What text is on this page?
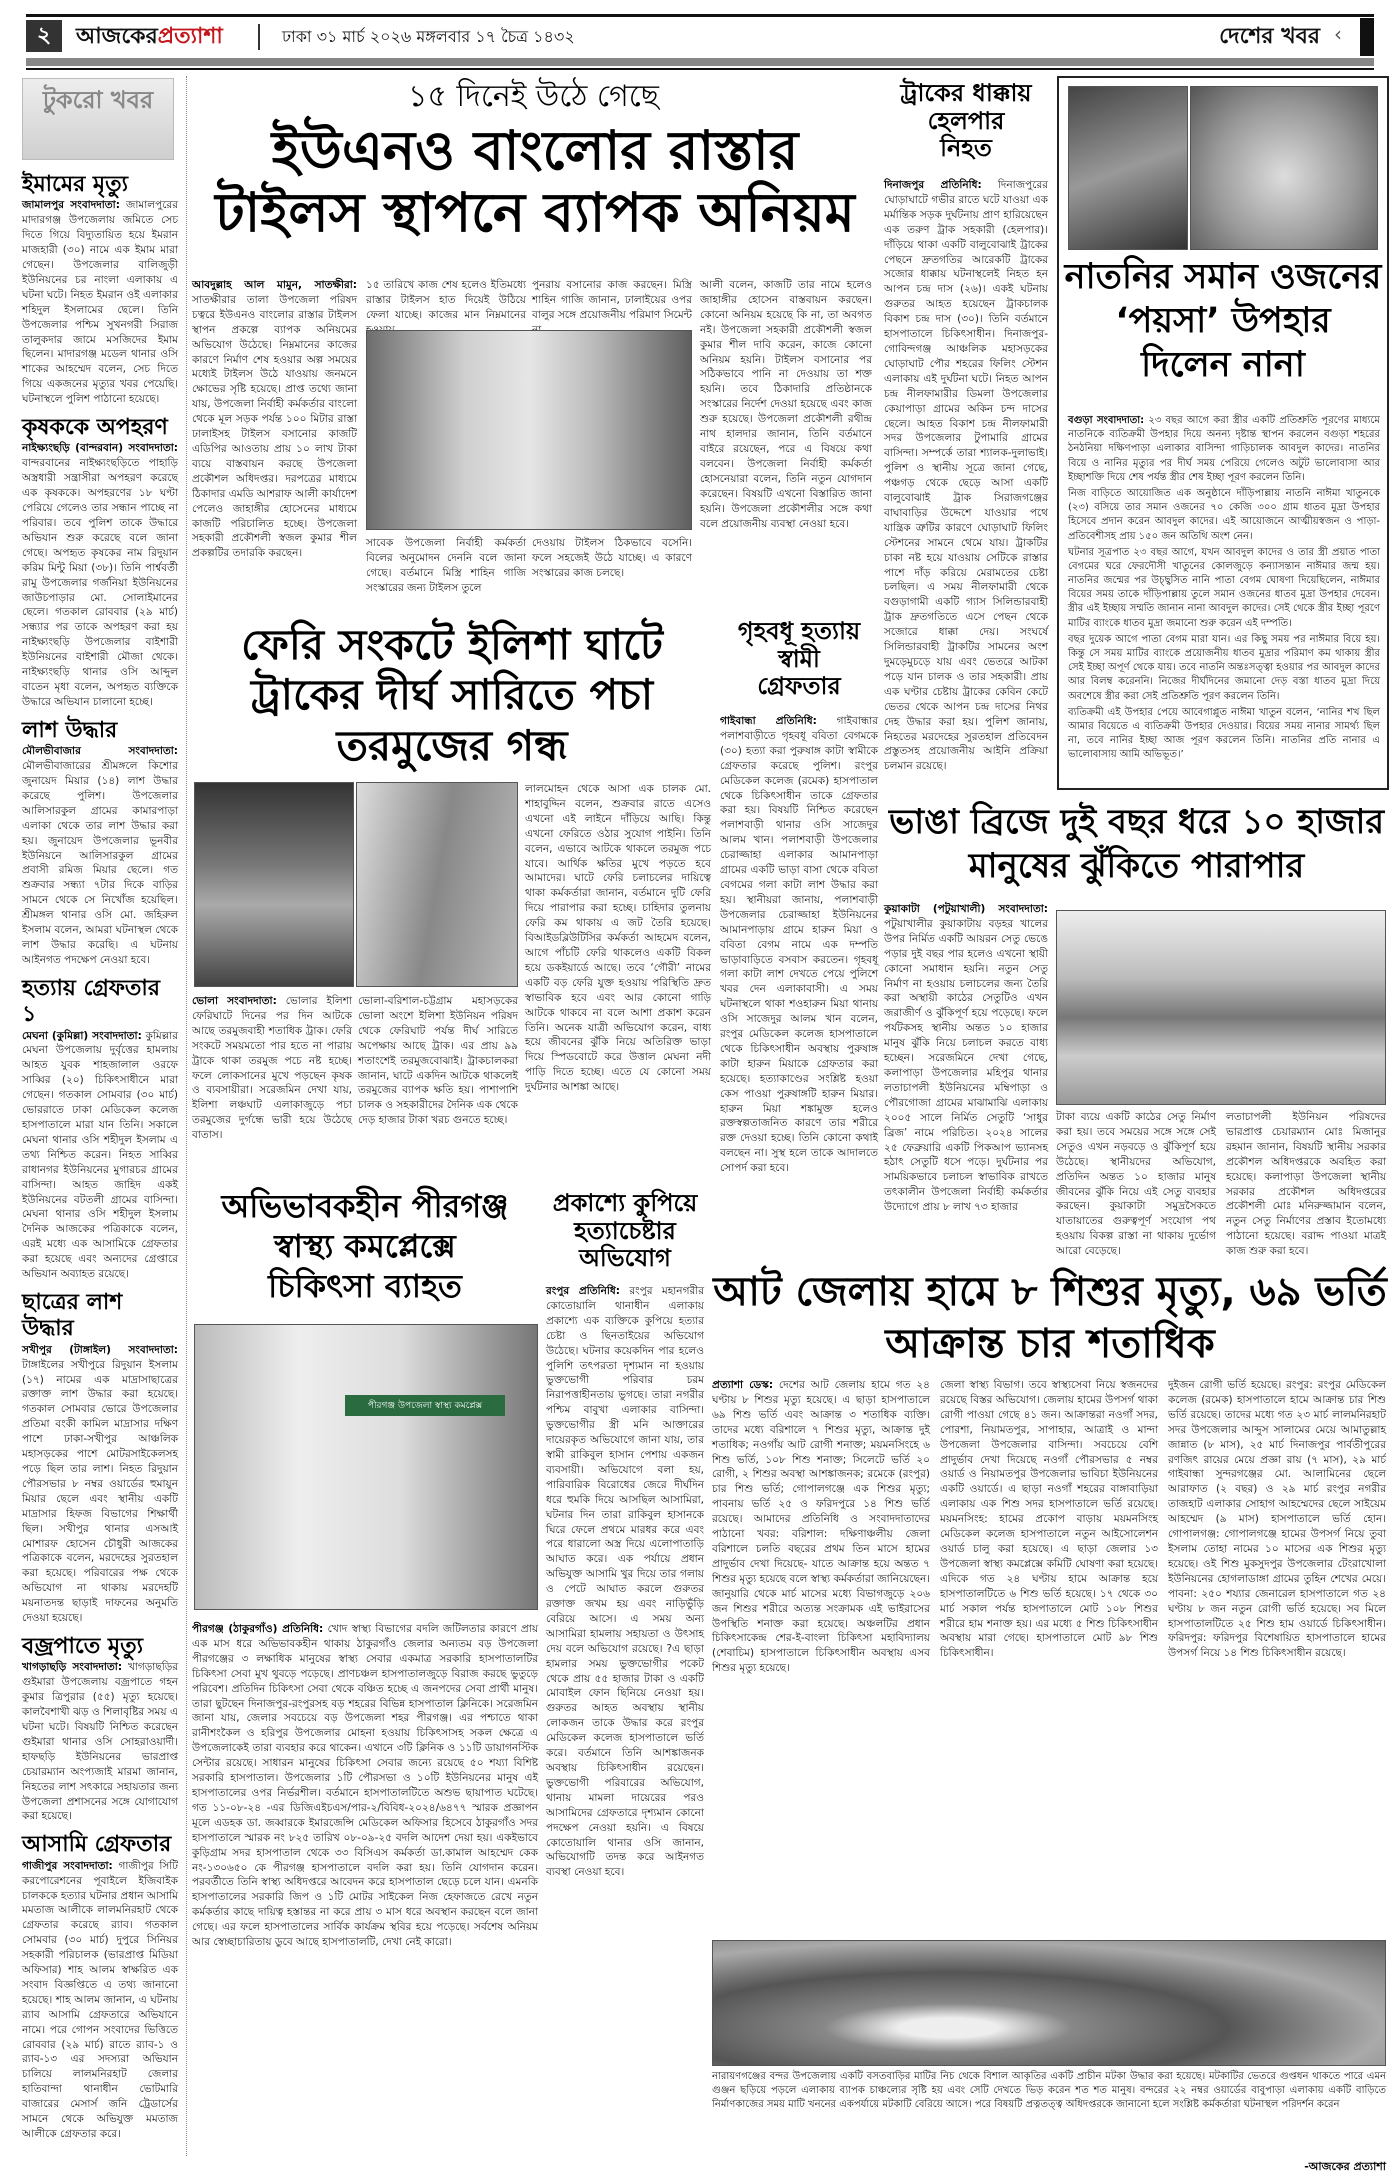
২	আজকেরপ্রত্যাশা	ঢাকা ৩১ মার্চ ২০২৬ মঙ্গলবার ১৭ চৈত্র ১৪৩২	দেশের খবর ‹
টুকরো খবর
ইমামের মৃত্যু
জামালপুর সংবাদদাতা: জামালপুরের মাদারগঞ্জ উপজেলায় জমিতে সেচ দিতে গিয়ে বিদ্যুতায়িত হয়ে ইমরান মাজহারী (৩০) নামে এক ইমাম মারা গেছেন। উপজেলার বালিজুড়ী ইউনিয়নের চর নাংলা এলাকায় এ ঘটনা ঘটে। নিহত ইমরান ওই এলাকার শহিদুল ইসলামের ছেলে। তিনি উপজেলার পশ্চিম সুখনগরী সিরাজ তালুকদার জামে মসজিদের ইমাম ছিলেন। মাদারগঞ্জ মডেল থানার ওসি শাকের আহম্মেদ বলেন, সেচ দিতে গিয়ে একজনের মৃত্যুর খবর পেয়েছি। ঘটনাস্থলে পুলিশ পাঠানো হয়েছে।
কৃষককে অপহরণ
নাইক্ষ্যংছড়ি (বান্দরবান) সংবাদদাতা: বান্দরবানের নাইক্ষ্যংছড়িতে পাহাড়ি অস্ত্রধারী সন্ত্রাসীরা অপহরণ করেছে এক কৃষককে। অপহরণের ১৮ ঘণ্টা পেরিয়ে গেলেও তার সন্ধান পাচ্ছে না পরিবার। তবে পুলিশ তাকে উদ্ধারে অভিযান শুরু করেছে বলে জানা গেছে। অপহৃত কৃষকের নাম রিদুয়ান করিম মিন্টু মিয়া (৩৮)। তিনি পার্শ্ববর্তী রামু উপজেলার গর্জনিয়া ইউনিয়নের জাউচপাড়ার মো. সোলাইমানের ছেলে। গতকাল রোববার (২৯ মার্চ) সন্ধ্যার পর তাকে অপহরণ করা হয় নাইক্ষ্যংছড়ি উপজেলার বাইশারী ইউনিয়নের বাইশারী মৌজা থেকে। নাইক্ষ্যংছড়ি থানার ওসি আব্দুল বাতেন মৃধা বলেন, অপহৃত ব্যক্তিকে উদ্ধারে অভিযান চালানো হচ্ছে।
লাশ উদ্ধার
মৌলভীবাজার সংবাদদাতা: মৌলভীবাজারের শ্রীমঙ্গলে কিশোর জুনায়েদ মিয়ার (১৪) লাশ উদ্ধার করেছে পুলিশ। উপজেলার আলিসারকুল গ্রামের কামারপাড়া এলাকা থেকে তার লাশ উদ্ধার করা হয়। জুনায়েদ উপজেলার ভূনবীর ইউনিয়নে আলিসারকুল গ্রামের প্রবাসী রমিজ মিয়ার ছেলে। গত শুক্রবার সন্ধ্যা ৭টার দিকে বাড়ির সামনে থেকে সে নিখোঁজ হয়েছিল। শ্রীমঙ্গল থানার ওসি মো. জহিরুল ইসলাম বলেন, আমরা ঘটনাস্থল থেকে লাশ উদ্ধার করেছি। এ ঘটনায় আইনগত পদক্ষেপ নেওয়া হবে।
হত্যায় গ্রেফতার ১
মেঘনা (কুমিল্লা) সংবাদদাতা: কুমিল্লার মেঘনা উপজেলায় দুর্বৃত্তের হামলায় আহত যুবক শাহজালাল ওরফে সাব্বির (২০) চিকিৎসাধীনে মারা গেছেন। গতকাল সোমবার (৩০ মার্চ) ভোররাতে ঢাকা মেডিকেল কলেজ হাসপাতালে মারা যান তিনি। সকালে মেঘনা থানার ওসি শহীদুল ইসলাম এ তথ্য নিশ্চিত করেন। নিহত সাব্বির রাধানগর ইউনিয়নের মুগারচর গ্রামের বাসিন্দা। আহত জাহিদ একই ইউনিয়নের বটতলী গ্রামের বাসিন্দা। মেঘনা থানার ওসি শহীদুল ইসলাম দৈনিক আজকের পত্রিকাকে বলেন, এরই মধ্যে এক আসামিকে গ্রেফতার করা হয়েছে এবং অন্যদের গ্রেপ্তারে অভিযান অব্যাহত রয়েছে।
ছাত্রের লাশ উদ্ধার
সখীপুর (টাঙ্গাইল) সংবাদদাতা: টাঙ্গাইলের সখীপুরে রিদুয়ান ইসলাম (১৭) নামের এক মাদ্রাসাছাত্রের রক্তাক্ত লাশ উদ্ধার করা হয়েছে। গতকাল সোমবার ভোরে উপজেলার প্রতিমা বংকী কামিল মাদ্রাসার দক্ষিণ পাশে ঢাকা-সখীপুর আঞ্চলিক মহাসড়কের পাশে মোটরসাইকেলসহ পড়ে ছিল তার লাশ। নিহত রিদুয়ান পৌরসভার ৮ নম্বর ওয়ার্ডের হুমায়ুন মিয়ার ছেলে এবং স্থানীয় একটি মাদ্রাসার হিফজ বিভাগের শিক্ষার্থী ছিল। সখীপুর থানার এসআই মোশারফ হোসেন চৌধুরী আজকের পত্রিকাকে বলেন, মরদেহের সুরতহাল করা হয়েছে। পরিবারের পক্ষ থেকে অভিযোগ না থাকায় মরদেহটি ময়নাতদন্ত ছাড়াই দাফনের অনুমতি দেওয়া হয়েছে।
বজ্রপাতে মৃত্যু
খাগড়াছড়ি সংবাদদাতা: খাগড়াছড়ির গুইমারা উপজেলায় বজ্রপাতে গহন কুমার ত্রিপুরার (৫৫) মৃত্যু হয়েছে। কালবৈশাখী ঝড় ও শিলাবৃষ্টির সময় এ ঘটনা ঘটে। বিষয়টি নিশ্চিত করেছেন গুইমারা থানার ওসি সোহরাওয়ার্দী। হাফছড়ি ইউনিয়নের ভারপ্রাপ্ত চেয়ারম্যান অংপ্যজাই মারমা জানান, নিহতের লাশ সৎকারে সহায়তার জন্য উপজেলা প্রশাসনের সঙ্গে যোগাযোগ করা হয়েছে।
আসামি গ্রেফতার
গাজীপুর সংবাদদাতা: গাজীপুর সিটি করপোরেশনের পূবাইলে ইজিবাইক চালককে হত্যার ঘটনার প্রধান আসামি মমতাজ আলীকে লালমনিরহাট থেকে গ্রেফতার করেছে র‍্যাব। গতকাল সোমবার (৩০ মার্চ) দুপুরে সিনিয়র সহকারী পরিচালক (ভারপ্রাপ্ত মিডিয়া অফিসার) শাহ আলম স্বাক্ষরিত এক সংবাদ বিজ্ঞপ্তিতে এ তথ্য জানানো হয়েছে। শাহ আলম জানান, এ ঘটনায় র‍্যাব আসামি গ্রেফতারে অভিযানে নামে। পরে গোপন সংবাদের ভিত্তিতে রোববার (২৯ মার্চ) রাতে র‍্যাব-১ ও র‍্যাব-১৩ এর সদস্যরা অভিযান চালিয়ে লালমনিরহাট জেলার হাতিবান্দা থানাধীন ভোটমারি বাজারের মেসার্স জনি ট্রেডার্সের সামনে থেকে অভিযুক্ত মমতাজ আলীকে গ্রেফতার করে।
১৫ দিনেই উঠে গেছে
ইউএনও বাংলোর রাস্তার টাইলস স্থাপনে ব্যাপক অনিয়ম
আবদুল্লাহ আল মামুন, সাতক্ষীরা: সাতক্ষীরার তালা উপজেলা পরিষদ চত্বরে ইউএনও বাংলোর রাস্তার টাইলস স্থাপন প্রকল্পে ব্যাপক অনিয়মের অভিযোগ উঠেছে। নিম্নমানের কাজের কারণে নির্মাণ শেষ হওয়ার অল্প সময়ের মধ্যেই টাইলস উঠে যাওয়ায় জনমনে ক্ষোভের সৃষ্টি হয়েছে। প্রাপ্ত তথ্যে জানা যায়, উপজেলা নির্বাহী কর্মকর্তার বাংলো থেকে মূল সড়ক পর্যন্ত ১০০ মিটার রাস্তা ঢালাইসহ টাইলস বসানোর কাজটি এডিপির আওতায় প্রায় ১০ লাখ টাকা ব্যয়ে বাস্তবায়ন করছে উপজেলা প্রকৌশল অধিদপ্তর। দরপত্রের মাধ্যমে ঠিকাদার এমডি আশরাফ আলী কার্যাদেশ পেলেও জাহাঙ্গীর হোসেনের মাধ্যমে কাজটি পরিচালিত হচ্ছে। উপজেলা সহকারী প্রকৌশলী স্বজল কুমার শীল প্রকল্পটির তদারকি করছেন।
১৫ তারিখে কাজ শেষ হলেও ইতিমধ্যে রাস্তার টাইলস হাত দিয়েই উঠিয়ে ফেলা যাচ্ছে। কাজের মান নিম্নমানের
পুনরায় বসানোর কাজ করছেন। মিস্ত্রি শাহিন গাজি জানান, ঢালাইয়ের ওপর বালুর সঙ্গে প্রয়োজনীয় পরিমাণ সিমেন্ট
সাবেক উপজেলা নির্বাহী কর্মকর্তা বিলের অনুমোদন দেননি বলে জানা গেছে। বর্তমানে মিস্ত্রি শাহিন গাজি সংস্কারের জন্য টাইলস তুলে
দেওয়ায় টাইলস ঠিকভাবে বসেনি। ফলে সহজেই উঠে যাচ্ছে। এ কারণে সংস্কারের কাজ চলছে।
আলী বলেন, কাজটি তার নামে হলেও জাহাঙ্গীর হোসেন বাস্তবায়ন করছেন। কোনো অনিয়ম হয়েছে কি না, তা অবগত নই। উপজেলা সহকারী প্রকৌশলী স্বজল কুমার শীল দাবি করেন, কাজে কোনো অনিয়ম হয়নি। টাইলস বসানোর পর সঠিকভাবে পানি না দেওয়ায় তা শক্ত হয়নি। তবে ঠিকাদারি প্রতিষ্ঠানকে সংস্কারের নির্দেশ দেওয়া হয়েছে এবং কাজ শুরু হয়েছে। উপজেলা প্রকৌশলী রথীন্দ্র নাথ হালদার জানান, তিনি বর্তমানে বাইরে রয়েছেন, পরে এ বিষয়ে কথা বলবেন। উপজেলা নির্বাহী কর্মকর্তা হোসনেয়ারা বলেন, তিনি নতুন যোগদান করেছেন। বিষয়টি এখনো বিস্তারিত জানা হয়নি। উপজেলা প্রকৌশলীর সঙ্গে কথা বলে প্রয়োজনীয় ব্যবস্থা নেওয়া হবে।
ট্রাকের ধাক্কায়
হেলপার
নিহত
দিনাজপুর প্রতিনিধি: দিনাজপুরের ঘোড়াঘাটে গভীর রাতে ঘটে যাওয়া এক মর্মান্তিক সড়ক দুর্ঘটনায় প্রাণ হারিয়েছেন এক তরুণ ট্রাক সহকারী (হেলপার)। দাঁড়িয়ে থাকা একটি বালুবোঝাই ট্রাকের পেছনে দ্রুতগতির আরেকটি ট্রাকের সজোর ধাক্কায় ঘটনাস্থলেই নিহত হন আপন চন্দ্র দাস (২৬)। একই ঘটনায় গুরুতর আহত হয়েছেন ট্রাকচালক বিকাশ চন্দ্র দাস (৩০)। তিনি বর্তমানে হাসপাতালে চিকিৎসাধীন। দিনাজপুর-গোবিন্দগঞ্জ আঞ্চলিক মহাসড়কের ঘোড়াঘাট পৌর শহরের ফিলিং স্টেশন এলাকায় এই দুর্ঘটনা ঘটে। নিহত আপন চন্দ্র নীলফামারীর ডিমলা উপজেলার কেয়াপাড়া গ্রামের অকিন চন্দ দাসের ছেলে। আহত বিকাশ চন্দ্র নীলফামারী সদর উপজেলার টুপামারি গ্রামের বাসিন্দা। সম্পর্কে তারা শ্যালক-দুলাভাই। পুলিশ ও স্থানীয় সূত্রে জানা গেছে, পঞ্চগড় থেকে ছেড়ে আসা একটি বালুবোঝাই ট্রাক সিরাজগঞ্জের বাঘাবাড়ির উদ্দেশে যাওয়ার পথে যান্ত্রিক ত্রুটির কারণে ঘোড়াঘাট ফিলিং স্টেশনের সামনে থেমে যায়। ট্রাকটির চাকা নষ্ট হয়ে যাওয়ায় সেটিকে রাস্তার পাশে দাঁড় করিয়ে মেরামতের চেষ্টা চলছিল। এ সময় নীলফামারী থেকে বগুড়াগামী একটি গ্যাস সিলিন্ডারবাহী ট্রাক দ্রুতগতিতে এসে পেছন থেকে সজোরে ধাক্কা দেয়। সংঘর্ষে সিলিন্ডারবাহী ট্রাকটির সামনের অংশ দুমড়েমুচড়ে যায় এবং ভেতরে আটকা পড়ে যান চালক ও তার সহকারী। প্রায় এক ঘণ্টার চেষ্টায় ট্রাকের কেবিন কেটে ভেতর থেকে আপন চন্দ্র দাসের নিথর দেহ উদ্ধার করা হয়। পুলিশ জানায়, নিহতের মরদেহের সুরতহাল প্রতিবেদন প্রস্তুতসহ প্রয়োজনীয় আইনি প্রক্রিয়া চলমান রয়েছে।
নাতনির সমান ওজনের
‘পয়সা’ উপহার
দিলেন নানা

বগুড়া সংবাদদাতা: ২৩ বছর আগে করা স্ত্রীর একটি প্রতিশ্রুতি পূরণের মাধ্যমে নাতনিকে ব্যতিক্রমী উপহার দিয়ে অনন্য দৃষ্টান্ত স্থাপন করলেন বগুড়া শহরের ঠনঠনিয়া দক্ষিণপাড়া এলাকার বাসিন্দা গাড়িচালক আবদুল কাদের। নাতনির বিয়ে ও নানির মৃত্যুর পর দীর্ঘ সময় পেরিয়ে গেলেও অটুট ভালোবাসা আর ইচ্ছাশক্তি দিয়ে শেষ পর্যন্ত স্ত্রীর শেষ ইচ্ছা পূরণ করলেন তিনি।

নিজ বাড়িতে আয়োজিত এক অনুষ্ঠানে দাঁড়িপাল্লায় নাতনি নাঈমা খাতুনকে (২৩) বসিয়ে তার সমান ওজনের ৭০ কেজি ৩০০ গ্রাম ধাতব মুদ্রা উপহার হিসেবে প্রদান করেন আবদুল কাদের। এই আয়োজনে আত্মীয়স্বজন ও পাড়া-প্রতিবেশীসহ প্রায় ১৫০ জন অতিথি অংশ নেন।

ঘটনার সূত্রপাত ২৩ বছর আগে, যখন আবদুল কাদের ও তার স্ত্রী প্রয়াত পাতা বেগমের ঘরে ফেরদৌসী খাতুনের কোলজুড়ে কন্যাসন্তান নাঈমার জন্ম হয়। নাতনির জন্মের পর উচ্ছ্বসিত নানি পাতা বেগম ঘোষণা দিয়েছিলেন, নাঈমার বিয়ের সময় তাকে দাঁড়িপাল্লায় তুলে সমান ওজনের ধাতব মুদ্রা উপহার দেবেন। স্ত্রীর এই ইচ্ছায় সম্মতি জানান নানা আবদুল কাদের। সেই থেকে স্ত্রীর ইচ্ছা পূরণে মাটির ব্যাংকে ধাতব মুদ্রা জমানো শুরু করেন এই দম্পতি।

বছর দুয়েক আগে পাতা বেগম মারা যান। এর কিছু সময় পর নাঈমার বিয়ে হয়। কিন্তু সে সময় মাটির ব্যাংকে প্রয়োজনীয় ধাতব মুদ্রার পরিমাণ কম থাকায় স্ত্রীর সেই ইচ্ছা অপূর্ণ থেকে যায়। তবে নাতনি অন্তঃসত্ত্বা হওয়ার পর আবদুল কাদের আর বিলম্ব করেননি। নিজের দীর্ঘদিনের জমানো দেড় বস্তা ধাতব মুদ্রা দিয়ে অবশেষে স্ত্রীর করা সেই প্রতিশ্রুতি পূরণ করলেন তিনি।

ব্যতিক্রমী এই উপহার পেয়ে আবেগাপ্লুত নাঈমা খাতুন বলেন, ‘নানির শখ ছিল আমার বিয়েতে এ ব্যতিক্রমী উপহার দেওয়ার। বিয়ের সময় নানার সামর্থ্য ছিল না, তবে নানির ইচ্ছা আজ পূরণ করলেন তিনি। নাতনির প্রতি নানার এ ভালোবাসায় আমি অভিভূত।’

ফেরি সংকটে ইলিশা ঘাটে
ট্রাকের দীর্ঘ সারিতে পচা
তরমুজের গন্ধ
ভোলা সংবাদদাতা: ভোলার ইলিশা ফেরিঘাটে দিনের পর দিন আটকে আছে তরমুজবাহী শতাধিক ট্রাক। ফেরি সংকটে সময়মতো পার হতে না পারায় ট্রাকে থাকা তরমুজ পচে নষ্ট হচ্ছে। ফলে লোকসানের মুখে পড়ছেন কৃষক ও ব্যবসায়ীরা। সরেজমিন দেখা যায়, ইলিশা লঞ্চঘাট এলাকাজুড়ে পচা তরমুজের দুর্গন্ধে ভারী হয়ে উঠেছে বাতাস।
ভোলা-বরিশাল-চট্টগ্রাম মহাসড়কের ভোলা অংশে ইলিশা ইউনিয়ন পরিষদ থেকে ফেরিঘাট পর্যন্ত দীর্ঘ সারিতে অপেক্ষায় আছে ট্রাক। এর প্রায় ৯৯ শতাংশেই তরমুজবোঝাই। ট্রাকচালকরা জানান, ঘাটে একদিন আটকে থাকলেই তরমুজের ব্যাপক ক্ষতি হয়। পাশাপাশি চালক ও সহকারীদের দৈনিক এক থেকে দেড় হাজার টাকা খরচ গুনতে হচ্ছে।
লালমোহন থেকে আসা এক চালক মো. শাহাবুদ্দিন বলেন, শুক্রবার রাতে এসেও এখনো এই লাইনে দাঁড়িয়ে আছি। কিন্তু এখনো ফেরিতে ওঠার সুযোগ পাইনি। তিনি বলেন, এভাবে আটকে থাকলে তরমুজ পচে যাবে। আর্থিক ক্ষতির মুখে পড়তে হবে আমাদের। ঘাটে ফেরি চলাচলের দায়িত্বে থাকা কর্মকর্তারা জানান, বর্তমানে দুটি ফেরি দিয়ে পারাপার করা হচ্ছে। চাহিদার তুলনায় ফেরি কম থাকায় এ জট তৈরি হয়েছে। বিআইডব্লিউটিসির কর্মকর্তা আহমেদ বলেন, আগে পাঁচটি ফেরি থাকলেও একটি বিকল হয়ে ডকইয়ার্ডে আছে। তবে ‘গৌরী’ নামের একটি বড় ফেরি যুক্ত হওয়ায় পরিস্থিতি দ্রুত স্বাভাবিক হবে এবং আর কোনো গাড়ি আটকে থাকবে না বলে আশা প্রকাশ করেন তিনি। অনেক যাত্রী অভিযোগ করেন, বাধ্য হয়ে জীবনের ঝুঁকি নিয়ে অতিরিক্ত ভাড়া দিয়ে স্পিডবোটে করে উত্তাল মেঘনা নদী পাড়ি দিতে হচ্ছে। এতে যে কোনো সময় দুর্ঘটনার আশঙ্কা আছে।
গৃহবধূ হত্যায়
স্বামী
গ্রেফতার
গাইবান্ধা প্রতিনিধি: গাইবান্ধার পলাশবাড়ীতে গৃহবধূ ববিতা বেগমকে (৩০) হত্যা করা পুরুষাঙ্গ কাটা স্বামীকে গ্রেফতার করেছে পুলিশ। রংপুর মেডিকেল কলেজ (রমেক) হাসপাতাল থেকে চিকিৎসাধীন তাকে গ্রেফতার করা হয়। বিষয়টি নিশ্চিত করেছেন পলাশবাড়ী থানার ওসি সাজেদুর আলম খান। পলাশবাড়ী উপজেলার চেরাজ্জাহা এলাকার আমানপাড়া গ্রামের একটি ভাড়া বাসা থেকে ববিতা বেগমের গলা কাটা লাশ উদ্ধার করা হয়। স্থানীয়রা জানায়, পলাশবাড়ী উপজেলার চেরাজ্জাহা ইউনিয়নের আমানপাড়ায় গ্রামে হারুন মিয়া ও ববিতা বেগম নামে এক দম্পতি ভাড়াবাড়িতে বসবাস করতেন। গৃহবধূ গলা কাটা লাশ দেখতে পেয়ে পুলিশে খবর দেন এলাকাবাসী। এ সময় ঘটনাস্থলে থাকা শওহারুন মিয়া থানায় ওসি সাজেদুর আলম খান বলেন, রংপুর মেডিকেল কলেজ হাসপাতালে থেকে চিকিৎসাধীন অবস্থায় পুরুষাঙ্গ কাটা হারুন মিয়াকে গ্রেফতার করা হয়েছে। হত্যাকাণ্ডের সংশ্লিষ্ট হওয়া কেস পাওয়া পুরুষাঙ্গটি হারুন মিয়ার। হারুন মিয়া শঙ্কামুক্ত হলেও রক্তস্বল্পতাজনিত কারণে তার শরীরে রক্ত দেওয়া হচ্ছে। তিনি কোনো কথাই বলছেন না। সুস্থ হলে তাকে আদালতে সোপর্দ করা হবে।
ভাঙা ব্রিজে দুই বছর ধরে ১০ হাজার
মানুষের ঝুঁকিতে পারাপার
কুয়াকাটা (পটুয়াখালী) সংবাদদাতা: পটুয়াখালীর কুয়াকাটায় বড়হর খালের উপর নির্মিত একটি আয়রন সেতু ভেঙে পড়ার দুই বছর পার হলেও এখনো স্থায়ী কোনো সমাধান হয়নি। নতুন সেতু নির্মাণ না হওয়ায় চলাচলের জন্য তৈরি করা অস্থায়ী কাঠের সেতুটিও এখন জরাজীর্ণ ও ঝুঁকিপূর্ণ হয়ে পড়েছে। ফলে পর্যটকসহ স্থানীয় অন্তত ১০ হাজার মানুষ ঝুঁকি নিয়ে চলাচল করতে বাধ্য হচ্ছেন। সরেজমিনে দেখা গেছে, কলাপাড়া উপজেলার মহিপুর থানার লতাচাপলী ইউনিয়নের মম্বিপাড়া ও পৌরগোজা গ্রামের মাঝামাঝি এলাকায় ২০০৫ সালে নির্মিত সেতুটি ‘সাধুর ব্রিজ’ নামে পরিচিত। ২০২৪ সালের ২৫ ফেব্রুয়ারি একটি পিকআপ ভ্যানসহ হঠাৎ সেতুটি ধসে পড়ে। দুর্ঘটনার পর সাময়িকভাবে চলাচল স্বাভাবিক রাখতে তৎকালীন উপজেলা নির্বাহী কর্মকর্তার উদ্যোগে প্রায় ৮ লাখ ৭৩ হাজার
টাকা ব্যয়ে একটি কাঠের সেতু নির্মাণ করা হয়। তবে সময়ের সঙ্গে সঙ্গে সেই সেতুও এখন নড়বড়ে ও ঝুঁকিপূর্ণ হয়ে উঠেছে। স্থানীয়দের অভিযোগ, প্রতিদিন অন্তত ১০ হাজার মানুষ জীবনের ঝুঁকি নিয়ে এই সেতু ব্যবহার করছেন। কুয়াকাটা সমুদ্রসৈকতে যাতায়াতের গুরুত্বপূর্ণ সংযোগ পথ হওয়ায় বিকল্প রাস্তা না থাকায় দুর্ভোগ আরো বেড়েছে।
লতাচাপলী ইউনিয়ন পরিষদের ভারপ্রাপ্ত চেয়ারম্যান মোঃ মিজানুর রহমান জানান, বিষয়টি স্থানীয় সরকার প্রকৌশল অধিদপ্তরকে অবহিত করা হয়েছে। কলাপাড়া উপজেলা স্থানীয় সরকার প্রকৌশল অধিদপ্তরের প্রকৌশলী মোঃ মনিরুজ্জামান বলেন, নতুন সেতু নির্মাণের প্রস্তাব ইতোমধ্যে পাঠানো হয়েছে। বরাদ্দ পাওয়া মাত্রই কাজ শুরু করা হবে।
অভিভাবকহীন পীরগঞ্জ
স্বাস্থ্য কমপ্লেক্সে
চিকিৎসা ব্যাহত
পীরগঞ্জ উপজেলা স্বাস্থ্য কমপ্লেক্স
পীরগঞ্জ (ঠাকুরগাঁও) প্রতিনিধি: খোদ স্বাস্থ্য বিভাগের বদলি জটিলতার কারণে প্রায় এক মাস ধরে অভিভাবকহীন থাকায় ঠাকুরগাঁও জেলার অন্যতম বড় উপজেলা পীরগঞ্জের ৩ লক্ষাধিক মানুষের স্বাস্থ্য সেবার একমাত্র সরকারি হাসপাতালটির চিকিৎসা সেবা মুখ থুবড়ে পড়েছে। প্রাণচঞ্চল হাসপাতালজুড়ে বিরাজ করছে ভুতুড়ে পরিবেশ। প্রতিদিন চিকিৎসা সেবা থেকে বঞ্চিত হচ্ছে এ জনপদের সেবা প্রার্থী মানুষ। তারা ছুটছেন দিনাজপুর-রংপুরসহ বড় শহরের বিভিন্ন হাসপাতাল ক্লিনিকে। সরেজমিন জানা যায়, জেলার সবচেয়ে বড় উপজেলা শহর পীরগঞ্জ। এর পশ্চাতে থাকা রানীশংকৈল ও হরিপুর উপজেলার মোহনা হওয়ায় চিকিৎসাসহ সকল ক্ষেত্রে এ উপজেলাকেই তারা ব্যবহার করে থাকেন। এখানে ৩টি ক্লিনিক ও ১১টি ডায়াগনস্টিক সেন্টার রয়েছে। সাধারন মানুষের চিকিৎসা সেবার জন্যে রয়েছে ৫০ শয্যা বিশিষ্ট সরকারি হাসপাতাল। উপজেলার ১টি পৌরসভা ও ১০টি ইউনিয়নের মানুষ এই হাসপাতালের ওপর নির্ভরশীল। বর্তমানে হাসপাতালটিতে অশুভ ছায়াপাত ঘটেছে। গত ১১-০৮-২৪ -এর ডিজিএইচএস/পার-২/বিবিধ-২০২৪/৬৪৭৭ স্মারক প্রজ্ঞাপন মূলে এডহক ডা. জব্বারকে ইমারজেন্সি মেডিকেল অফিসার হিসেবে ঠাকুরগাঁও সদর হাসপাতালে স্মারক নং ৮২৫ তারিখ ০৮-০৯-২৫ বদলি আদেশ দেয়া হয়। একইভাবে কুড়িগ্রাম সদর হাসপাতাল থেকে ৩৩ বিসিএস কর্মকর্তা ডা.কামাল আহম্মেদ কেক নং-১৩০৬৫০ কে পীরগঞ্জ হাসপাতালে বদলি করা হয়। তিনি যোগদান করেন। পরবর্তীতে তিনি স্বাস্থ্য অধিদপ্তরে আবেদন করে হাসপাতাল ছেড়ে চলে যান। এমনকি হাসপাতালের সরকারি জিপ ও ১টি মোটর সাইকেল নিজ হেফাজতে রেখে নতুন কর্মকর্তার কাছে দায়িত্ব হস্তান্তর না করে প্রায় ৩ মাস ধরে অবস্থান করছেন বলে জানা গেছে। এর ফলে হাসপাতালের সার্বিক কার্যক্রম স্থবির হয়ে পড়েছে। সর্বশেষ অনিয়ম আর স্বেচ্ছাচারিতায় ডুবে আছে হাসপাতালটি, দেখা নেই কারো।
প্রকাশ্যে কুপিয়ে
হত্যাচেষ্টার
অভিযোগ
রংপুর প্রতিনিধি: রংপুর মহানগরীর কোতোয়ালি থানাধীন এলাকায় প্রকাশ্যে এক ব্যক্তিকে কুপিয়ে হত্যার চেষ্টা ও ছিনতাইয়ের অভিযোগ উঠেছে। ঘটনার কয়েকদিন পার হলেও পুলিশি তৎপরতা দৃশ্যমান না হওয়ায় ভুক্তভোগী পরিবার চরম নিরাপত্তাহীনতায় ভুগছে। তারা নগরীর পশ্চিম বাবুখা এলাকার বাসিন্দা। ভুক্তভোগীর স্ত্রী মনি আক্তারের দায়েরকৃত অভিযোগে জানা যায়, তার স্বামী রাকিবুল হাসান পেশায় একজন ব্যবসায়ী। অভিযোগে বলা হয়, পারিবারিক বিরোধের জেরে দীর্ঘদিন ধরে হুমকি দিয়ে আসছিল আসামিরা, ঘটনার দিন তারা রাকিবুল হাসানকে ঘিরে ফেলে প্রথমে মারধর করে এবং পরে ধারালো অস্ত্র দিয়ে এলোপাতাড়ি আঘাত করে। এক পর্যায়ে প্রধান অভিযুক্ত আসামি খুর দিয়ে তার গলায় ও পেটে আঘাত করলে গুরুতর রক্তাক্ত জখম হয় এবং নাড়িভুঁড়ি বেরিয়ে আসে। এ সময় অন্য আসামিরা হামলায় সহায়তা ও উৎসাহ দেয় বলে অভিযোগ রয়েছে। ?এ ছাড়া হামলার সময় ভুক্তভোগীর পকেট থেকে প্রায় ৫৫ হাজার টাকা ও একটি মোবাইল ফোন ছিনিয়ে নেওয়া হয়। গুরুতর আহত অবস্থায় স্থানীয় লোকজন তাকে উদ্ধার করে রংপুর মেডিকেল কলেজ হাসপাতালে ভর্তি করে। বর্তমানে তিনি আশঙ্কাজনক অবস্থায় চিকিৎসাধীন রয়েছেন। ভুক্তভোগী পরিবারের অভিযোগ, থানায় মামলা দায়েরের পরও আসামিদের গ্রেফতারে দৃশ্যমান কোনো পদক্ষেপ নেওয়া হয়নি। এ বিষয়ে কোতোয়ালি থানার ওসি জানান, অভিযোগটি তদন্ত করে আইনগত ব্যবস্থা নেওয়া হবে।
আট জেলায় হামে ৮ শিশুর মৃত্যু, ৬৯ ভর্তি
আক্রান্ত চার শতাধিক
প্রত্যাশা ডেস্ক: দেশের আট জেলায় হামে গত ২৪ ঘণ্টায় ৮ শিশুর মৃত্যু হয়েছে। এ ছাড়া হাসপাতালে ৬৯ শিশু ভর্তি এবং আক্রান্ত ৩ শতাধিক ব্যক্তি। তাদের মধ্যে বরিশালে ৭ শিশুর মৃত্যু, আক্রান্ত দুই শতাধিক; নওগাঁয় আট রোগী শনাক্ত; ময়মনসিংহে ৬ শিশু ভর্তি, ১০৮ শিশু শনাক্ত; সিলেটে ভর্তি ২০ রোগী, ২ শিশুর অবস্থা আশঙ্কাজনক; রমেকে (রংপুর) চার শিশু ভর্তি; গোপালগঞ্জে এক শিশুর মৃত্যু; পাবনায় ভর্তি ২৫ ও ফরিদপুরে ১৪ শিশু ভর্তি রয়েছে। আমাদের প্রতিনিধি ও সংবাদদাতাদের পাঠানো খবর: বরিশাল: দক্ষিণাঞ্চলীয় জেলা বরিশালে চলতি বছরের প্রথম তিন মাসে হামের প্রাদুর্ভাব দেখা দিয়েছে- যাতে আক্রান্ত হয়ে অন্তত ৭ শিশুর মৃত্যু হয়েছে বলে স্বাস্থ্য কর্মকর্তারা জানিয়েছেন। জানুয়ারি থেকে মার্চ মাসের মধ্যে বিভাগজুড়ে ২০৬ জন শিশুর শরীরে অত্যন্ত সংক্রামক এই ভাইরাসের উপস্থিতি শনাক্ত করা হয়েছে। অঞ্চলটির প্রধান চিকিৎসাকেন্দ্র শের-ই-বাংলা চিকিৎসা মহাবিদ্যালয় (শেবাচিম) হাসপাতালে চিকিৎসাধীন অবস্থায় এসব শিশুর মৃত্যু হয়েছে।
জেলা স্বাস্থ্য বিভাগ। তবে স্বাস্থ্যসেবা নিয়ে স্বজনদের রয়েছে বিস্তর অভিযোগ। জেলায় হামের উপসর্গ থাকা রোগী পাওয়া গেছে ৪১ জন। আক্রান্তরা নওগাঁ সদর, পোরশা, নিয়ামতপুর, সাপাহার, আত্রাই ও মান্দা উপজেলা উপজেলার বাসিন্দা। সবচেয়ে বেশি প্রাদুর্ভাব দেখা দিয়েছে নওগাঁ পৌরসভার ৫ নম্বর ওয়ার্ড ও নিয়ামতপুর উপজেলার ভাবিচা ইউনিয়নের একটি ওয়ার্ডে। এ ছাড়া নওগাঁ শহরের বাঙ্গাবাড়িয়া এলাকায় এক শিশু সদর হাসপাতালে ভর্তি রয়েছে। ময়মনসিংহ: হামের প্রকোপ বাড়ায় ময়মনসিংহ মেডিকেল কলেজ হাসপাতালে নতুন আইসোলেশন ওয়ার্ড চালু করা হয়েছে। এ ছাড়া জেলার ১৩ উপজেলা স্বাস্থ্য কমপ্লেক্সে কমিটি ঘোষণা করা হয়েছে। এদিকে গত ২৪ ঘণ্টায় হামে আক্রান্ত হয়ে হাসপাতালটিতে ৬ শিশু ভর্তি হয়েছে। ১৭ থেকে ৩০ মার্চ সকাল পর্যন্ত হাসপাতালে মোট ১০৮ শিশুর শরীরে হাম শনাক্ত হয়। এর মধ্যে ৫ শিশু চিকিৎসাধীন অবস্থায় মারা গেছে। হাসপাতালে মোট ৯৮ শিশু চিকিৎসাধীন।
দুইজন রোগী ভর্তি হয়েছে। রংপুর: রংপুর মেডিকেল কলেজ (রমেক) হাসপাতালে হামে আক্রান্ত চার শিশু ভর্তি রয়েছে। তাদের মধ্যে গত ২৩ মার্চ লালমনিরহাট সদর উপজেলার আব্দুস সালামের মেয়ে আমাতুল্লাহ জান্নাত (৮ মাস), ২৫ মার্চ দিনাজপুর পার্বতীপুরের রণজিৎ রায়ের মেয়ে প্রজ্ঞা রায় (৭ মাস), ২৯ মার্চ গাইবান্ধা সুন্দরগঞ্জের মো. আলামিনের ছেলে আরাফাত (২ বছর) ও ২৯ মার্চ রংপুর নগরীর তাজহাট এলাকার সোহাগ আহম্মেদের ছেলে সাইয়েম আহম্মেদ (৯ মাস) হাসপাতালে ভর্তি হোন। গোপালগঞ্জ: গোপালগঞ্জে হামের উপসর্গ নিয়ে তুবা ইসলাম তোহা নামের ১০ মাসের এক শিশুর মৃত্যু হয়েছে। ওই শিশু মুকসুদপুর উপজেলার টেংরাখোলা ইউনিয়নের হোগলাডাঙ্গা গ্রামের তুহিন শেখের মেয়ে। পাবনা: ২৫০ শয্যার জেনারেল হাসপাতালে গত ২৪ ঘণ্টায় ৮ জন নতুন রোগী ভর্তি হয়েছে। সব মিলে হাসপাতালটিতে ২৫ শিশু হাম ওয়ার্ডে চিকিৎসাধীন। ফরিদপুর: ফরিদপুর বিশেষায়িত হাসপাতালে হামের উপসর্গ নিয়ে ১৪ শিশু চিকিৎসাধীন রয়েছে।
নারায়ণগঞ্জের বন্দর উপজেলায় একটি বসতবাড়ির মাটির নিচ থেকে বিশাল আকৃতির একটি প্রাচীন মটকা উদ্ধার করা হয়েছে। মটকাটির ভেতরে গুপ্তধন থাকতে পারে এমন গুঞ্জন ছড়িয়ে পড়লে এলাকায় ব্যাপক চাঞ্চল্যের সৃষ্টি হয় এবং সেটি দেখতে ভিড় করেন শত শত মানুষ। বন্দরের ২২ নম্বর ওয়ার্ডের বাবুপাড়া এলাকায় একটি বাড়িতে নির্মাণকাজের সময় মাটি খননের একপর্যায়ে মটকাটি বেরিয়ে আসে। পরে বিষয়টি প্রত্নতত্ত্ব অধিদপ্তরকে জানানো হলে সংশ্লিষ্ট কর্মকর্তারা ঘটনাস্থল পরিদর্শন করেন
-আজকের প্রত্যাশা
